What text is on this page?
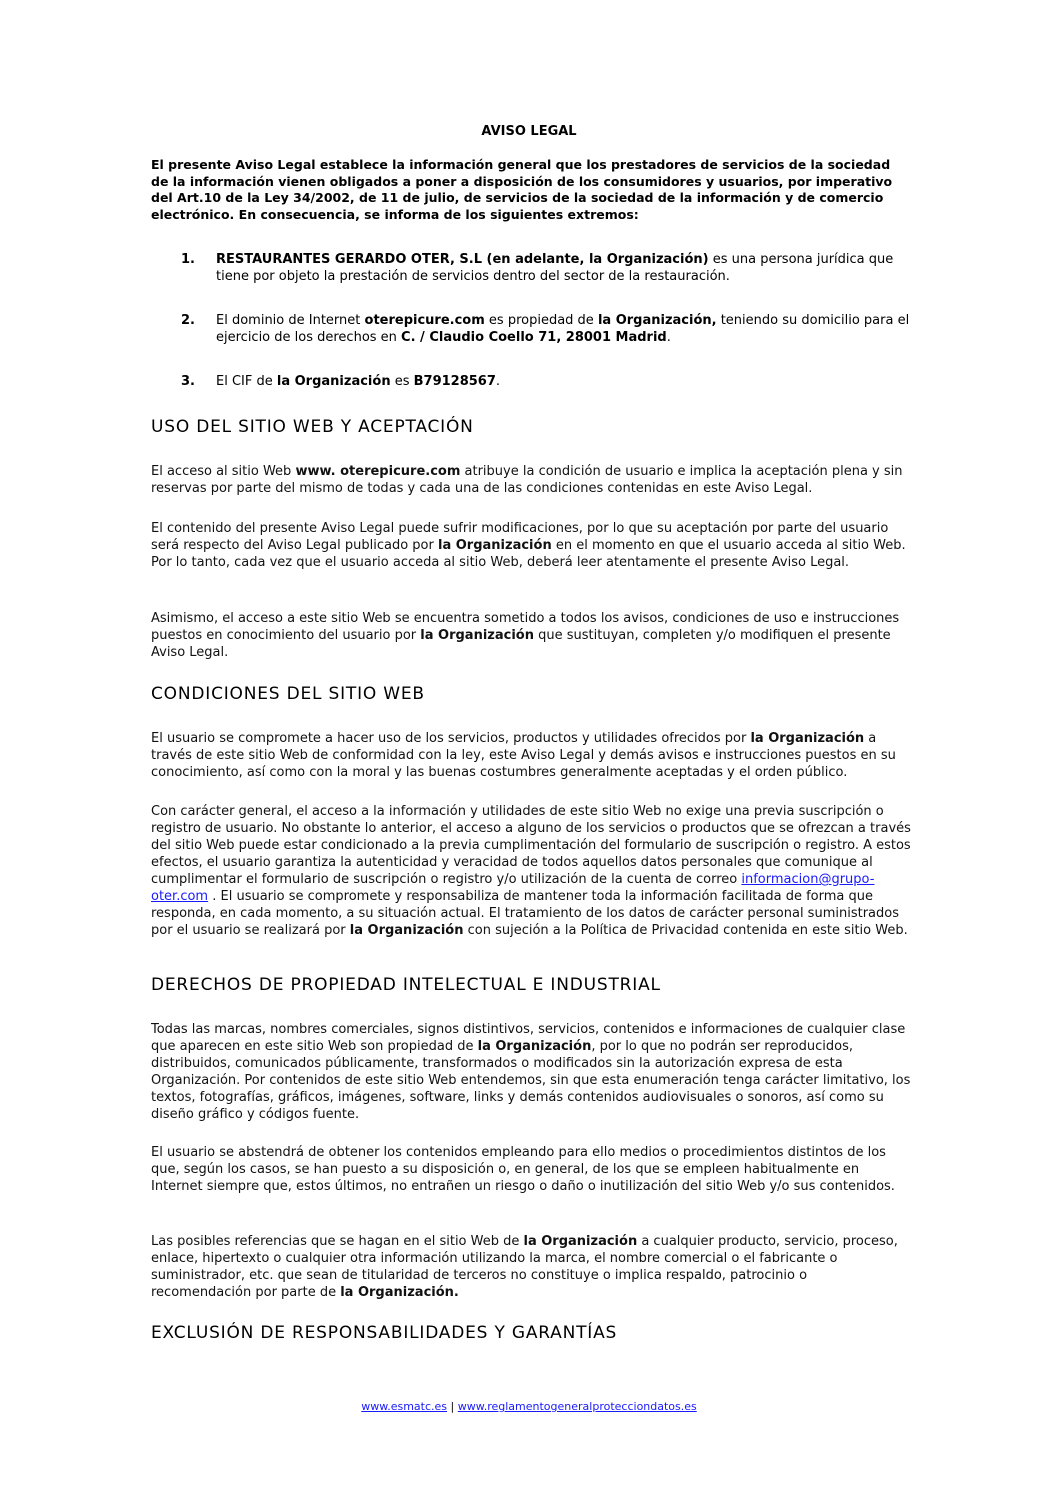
AVISO LEGAL

El presente Aviso Legal establece la información general que los prestadores de servicios de la sociedad de la información vienen obligados a poner a disposición de los consumidores y usuarios, por imperativo del Art.10 de la Ley 34/2002, de 11 de julio, de servicios de la sociedad de la información y de comercio electrónico. En consecuencia, se informa de los siguientes extremos:

1. RESTAURANTES GERARDO OTER, S.L (en adelante, la Organización) es una persona jurídica que tiene por objeto la prestación de servicios dentro del sector de la restauración.
2. El dominio de Internet oterepicure.com es propiedad de la Organización, teniendo su domicilio para el ejercicio de los derechos en C. / Claudio Coello 71, 28001 Madrid.
3. El CIF de la Organización es B79128567.
USO DEL SITIO WEB Y ACEPTACIÓN

El acceso al sitio Web www. oterepicure.com atribuye la condición de usuario e implica la aceptación plena y sin reservas por parte del mismo de todas y cada una de las condiciones contenidas en este Aviso Legal.

El contenido del presente Aviso Legal puede sufrir modificaciones, por lo que su aceptación por parte del usuario será respecto del Aviso Legal publicado por la Organización en el momento en que el usuario acceda al sitio Web. Por lo tanto, cada vez que el usuario acceda al sitio Web, deberá leer atentamente el presente Aviso Legal.

Asimismo, el acceso a este sitio Web se encuentra sometido a todos los avisos, condiciones de uso e instrucciones puestos en conocimiento del usuario por la Organización que sustituyan, completen y/o modifiquen el presente Aviso Legal.

CONDICIONES DEL SITIO WEB

El usuario se compromete a hacer uso de los servicios, productos y utilidades ofrecidos por la Organización a través de este sitio Web de conformidad con la ley, este Aviso Legal y demás avisos e instrucciones puestos en su conocimiento, así como con la moral y las buenas costumbres generalmente aceptadas y el orden público.

Con carácter general, el acceso a la información y utilidades de este sitio Web no exige una previa suscripción o registro de usuario. No obstante lo anterior, el acceso a alguno de los servicios o productos que se ofrezcan a través del sitio Web puede estar condicionado a la previa cumplimentación del formulario de suscripción o registro. A estos efectos, el usuario garantiza la autenticidad y veracidad de todos aquellos datos personales que comunique al cumplimentar el formulario de suscripción o registro y/o utilización de la cuenta de correo informacion@grupo-oter.com . El usuario se compromete y responsabiliza de mantener toda la información facilitada de forma que responda, en cada momento, a su situación actual. El tratamiento de los datos de carácter personal suministrados por el usuario se realizará por la Organización con sujeción a la Política de Privacidad contenida en este sitio Web.

DERECHOS DE PROPIEDAD INTELECTUAL E INDUSTRIAL

Todas las marcas, nombres comerciales, signos distintivos, servicios, contenidos e informaciones de cualquier clase que aparecen en este sitio Web son propiedad de la Organización, por lo que no podrán ser reproducidos, distribuidos, comunicados públicamente, transformados o modificados sin la autorización expresa de esta Organización. Por contenidos de este sitio Web entendemos, sin que esta enumeración tenga carácter limitativo, los textos, fotografías, gráficos, imágenes, software, links y demás contenidos audiovisuales o sonoros, así como su diseño gráfico y códigos fuente.

El usuario se abstendrá de obtener los contenidos empleando para ello medios o procedimientos distintos de los que, según los casos, se han puesto a su disposición o, en general, de los que se empleen habitualmente en Internet siempre que, estos últimos, no entrañen un riesgo o daño o inutilización del sitio Web y/o sus contenidos.

Las posibles referencias que se hagan en el sitio Web de la Organización a cualquier producto, servicio, proceso, enlace, hipertexto o cualquier otra información utilizando la marca, el nombre comercial o el fabricante o suministrador, etc. que sean de titularidad de terceros no constituye o implica respaldo, patrocinio o recomendación por parte de la Organización.

EXCLUSIÓN DE RESPONSABILIDADES Y GARANTÍAS
www.esmatc.es | www.reglamentogeneralprotecciondatos.es
